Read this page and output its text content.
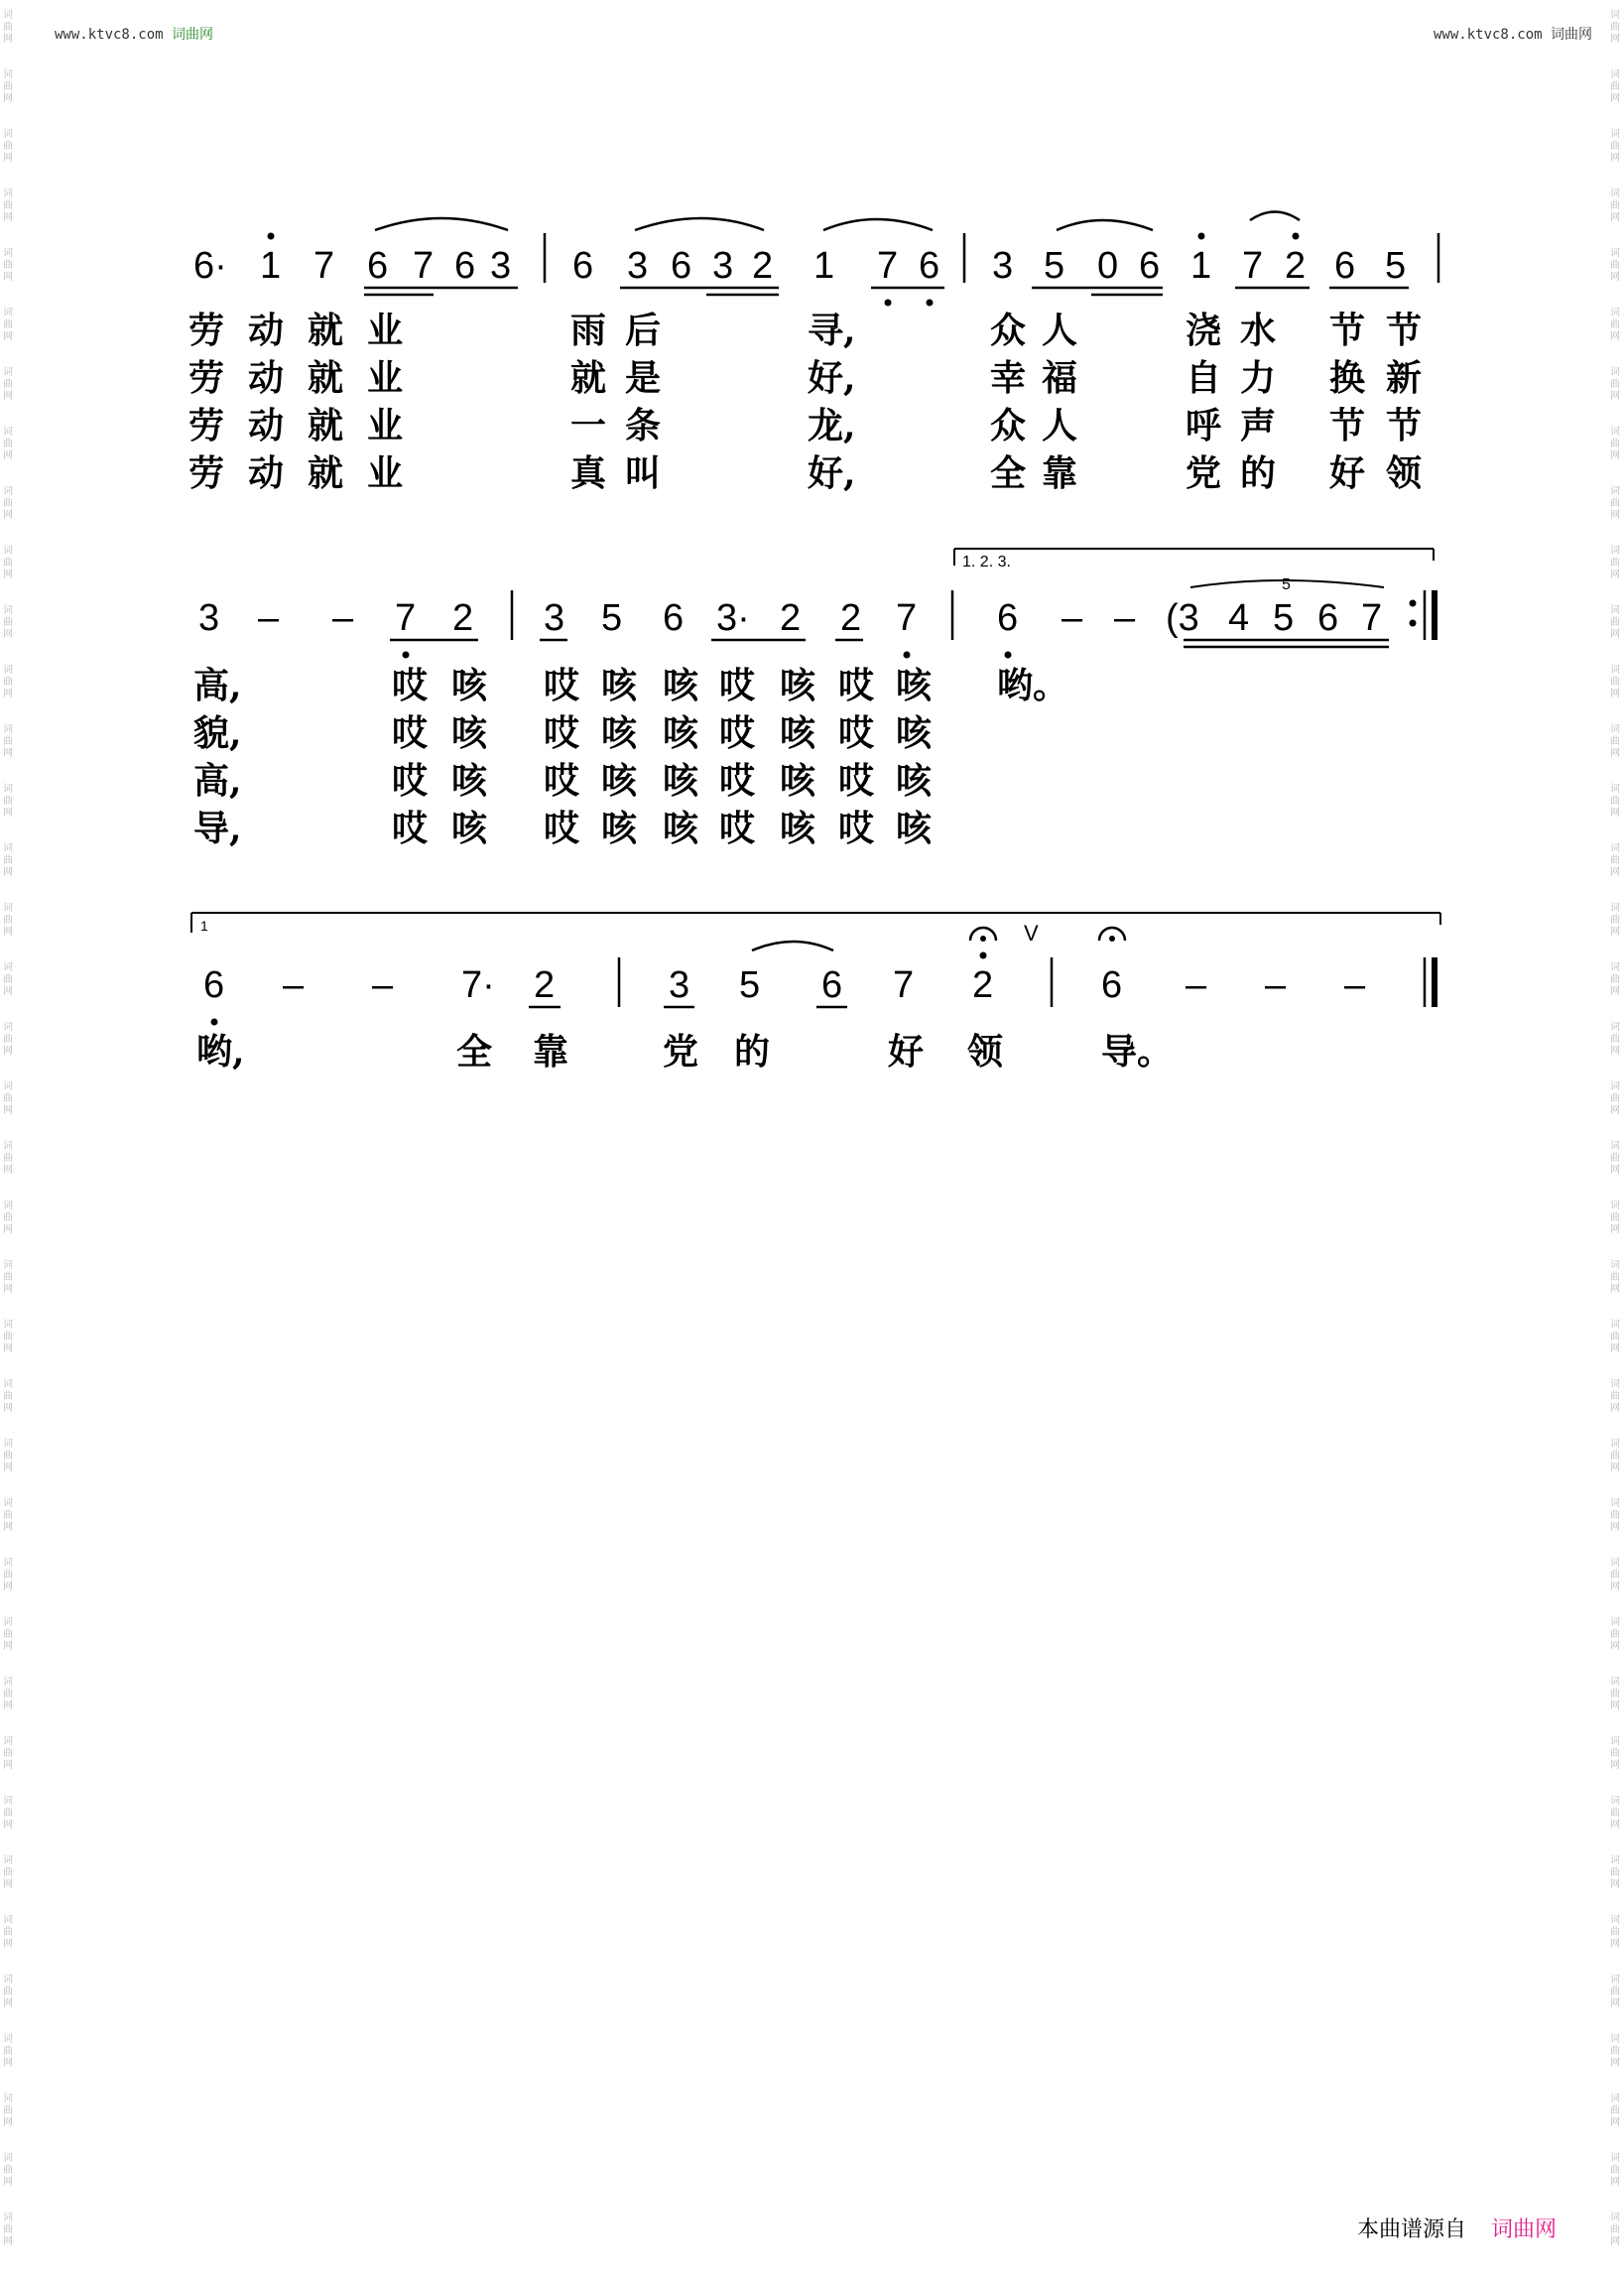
www.ktvc8.com 词曲网	www.ktvc8.com 词曲网
词曲网
词曲网
词曲网
词曲网
词曲网
词曲网
词曲网
词曲网
词曲网
词曲网
词曲网
词曲网
词曲网
词曲网
词曲网
词曲网
词曲网
词曲网
词曲网
词曲网
词曲网
词曲网
词曲网
词曲网
词曲网
词曲网
词曲网
词曲网
词曲网
词曲网
词曲网
词曲网
词曲网
词曲网
词曲网
词曲网
词曲网
词曲网
词曲网
词曲网
词曲网
词曲网
词曲网
词曲网
词曲网
词曲网
词曲网
词曲网
词曲网
词曲网
词曲网
词曲网
词曲网
词曲网
词曲网
词曲网
词曲网
词曲网
词曲网
词曲网
词曲网
词曲网
词曲网
词曲网
词曲网
词曲网
词曲网
词曲网
词曲网
词曲网
词曲网
词曲网
词曲网
词曲网
词曲网
词曲网
6· 1 7 6 7 6 3 6 3 6 3 2 1 7 6 3 5 0 6 1 7 2 6 5
3 – – 7 2 3 5 6 3· 2 2 7 6 – – (3 4 5 6 7
6 – – 7· 2	3 5 6 7 2	6 – – –
1. 2. 3.
5
1	V
劳 动 就 业	雨 后	寻,	众 人	浇 水 节 节
劳 动 就 业	就 是	好,	幸 福	自 力 换 新
劳 动 就 业	一 条	龙,	众 人	呼 声 节 节
劳 动 就 业	真 叫	好,	全 靠	党 的 好 领
高,	哎 咳 哎 咳 咳 哎 咳 哎 咳 哟。
貌,	哎 咳 哎 咳 咳 哎 咳 哎 咳
高,	哎 咳 哎 咳 咳 哎 咳 哎 咳
导,	哎 咳 哎 咳 咳 哎 咳 哎 咳
哟,	全 靠	党 的	好 领	导。
本曲谱源自 词曲网
